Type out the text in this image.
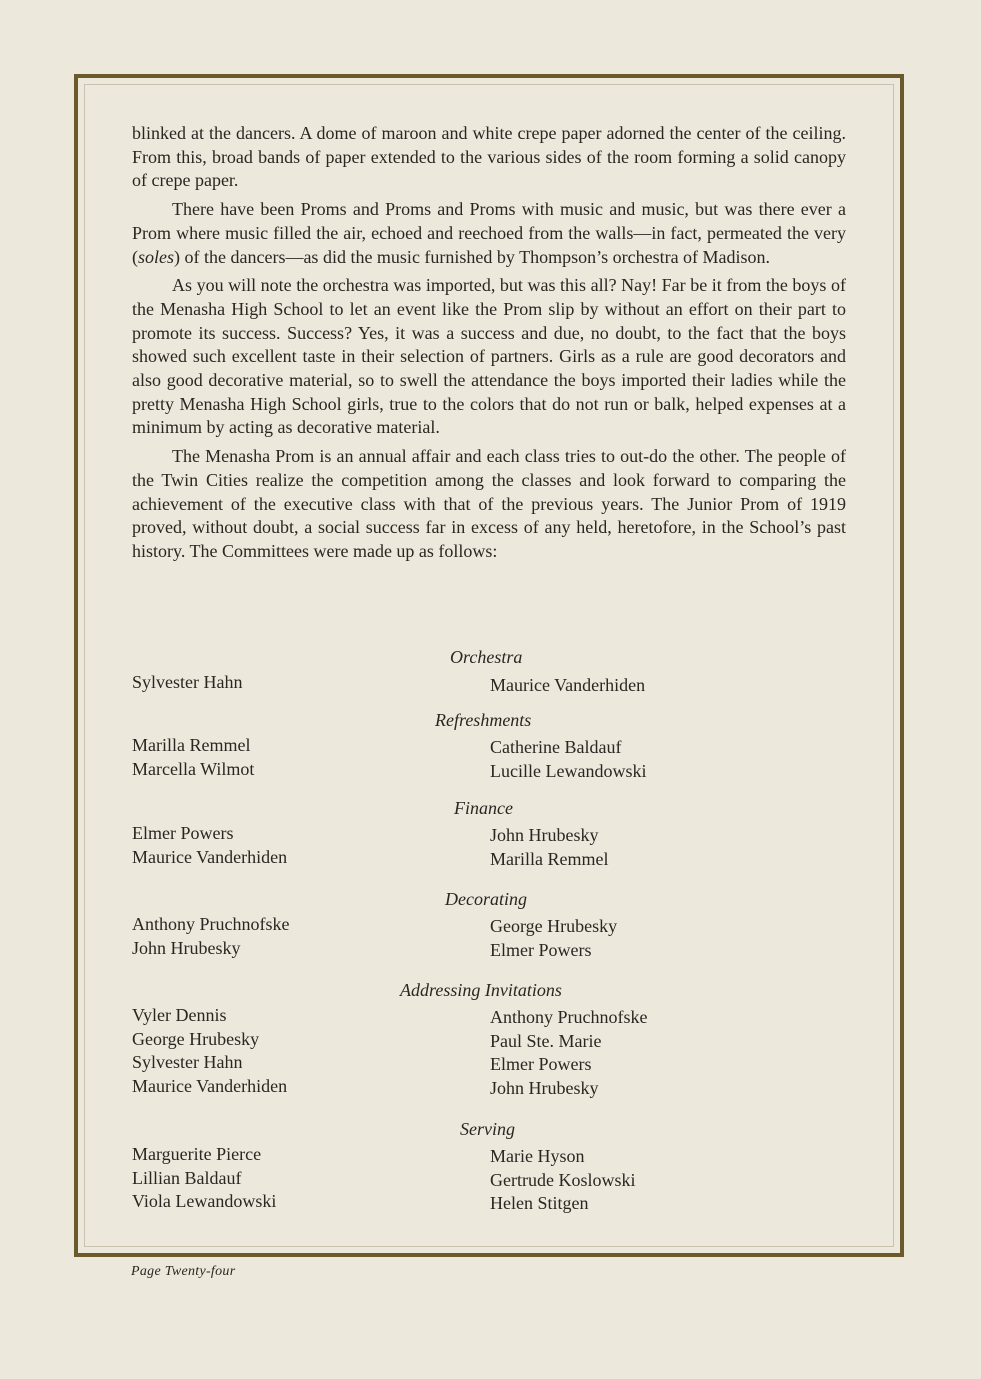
blinked at the dancers. A dome of maroon and white crepe paper adorned the center of the ceiling. From this, broad bands of paper extended to the various sides of the room forming a solid canopy of crepe paper.

There have been Proms and Proms and Proms with music and music, but was there ever a Prom where music filled the air, echoed and reechoed from the walls—in fact, permeated the very (soles) of the dancers—as did the music furnished by Thompson’s orchestra of Madison.

As you will note the orchestra was imported, but was this all? Nay! Far be it from the boys of the Menasha High School to let an event like the Prom slip by without an effort on their part to promote its success. Success? Yes, it was a success and due, no doubt, to the fact that the boys showed such excellent taste in their selection of partners. Girls as a rule are good decorators and also good decorative material, so to swell the attendance the boys imported their ladies while the pretty Menasha High School girls, true to the colors that do not run or balk, helped expenses at a minimum by acting as decorative material.

The Menasha Prom is an annual affair and each class tries to out-do the other. The people of the Twin Cities realize the competition among the classes and look forward to comparing the achievement of the executive class with that of the previous years. The Junior Prom of 1919 proved, without doubt, a social success far in excess of any held, heretofore, in the School’s past history. The Committees were made up as follows:

Orchestra
Sylvester Hahn	Maurice Vanderhiden
Refreshments
Marilla Remmel
Marcella Wilmot
Catherine Baldauf
Lucille Lewandowski
Finance
Elmer Powers
Maurice Vanderhiden
John Hrubesky
Marilla Remmel
Decorating
Anthony Pruchnofske
John Hrubesky
George Hrubesky
Elmer Powers
Addressing Invitations
Vyler Dennis
George Hrubesky
Sylvester Hahn
Maurice Vanderhiden
Anthony Pruchnofske
Paul Ste. Marie
Elmer Powers
John Hrubesky
Serving
Marguerite Pierce
Lillian Baldauf
Viola Lewandowski
Marie Hyson
Gertrude Koslowski
Helen Stitgen
Page Twenty-four
